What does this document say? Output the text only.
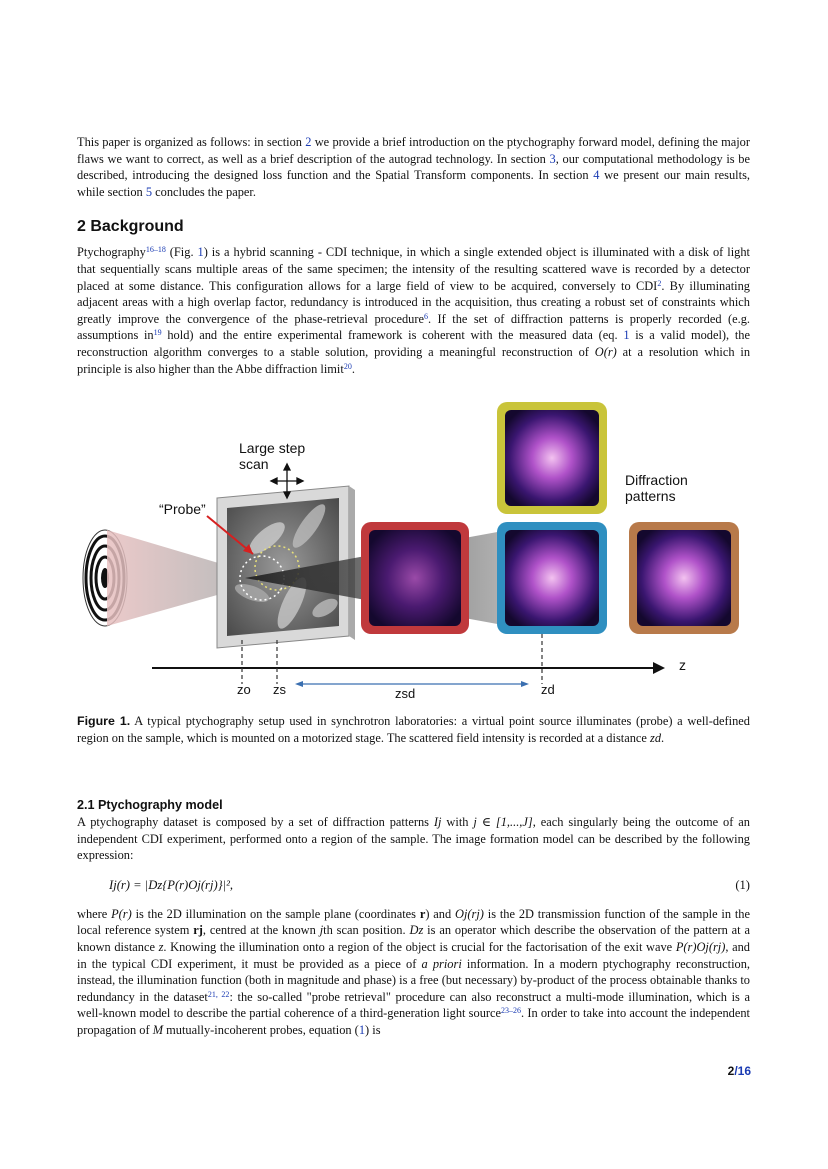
This paper is organized as follows: in section 2 we provide a brief introduction on the ptychography forward model, defining the major flaws we want to correct, as well as a brief description of the autograd technology. In section 3, our computational methodology is be described, introducing the designed loss function and the Spatial Transform components. In section 4 we present our main results, while section 5 concludes the paper.

2 Background

Ptychography$^{16-18}$ (Fig. 1) is a hybrid scanning - CDI technique, in which a single extended object is illuminated with a disk of light that sequentially scans multiple areas of the same specimen; the intensity of the resulting scattered wave is recorded by a detector placed at some distance. This configuration allows for a large field of view to be acquired, conversely to CDI$^2$. By illuminating adjacent areas with a high overlap factor, redundancy is introduced in the acquisition, thus creating a robust set of constraints which greatly improve the convergence of the phase-retrieval procedure$^6$. If the set of diffraction patterns is properly recorded (e.g. assumptions $in^{19}$ hold) and the entire experimental framework is coherent with the measured data (eq. 1 is a valid model), the reconstruction algorithm converges to a stable solution, providing a meaningful reconstruction of O(r) at a resolution which in principle is also higher than the Abbe diffraction limit$^{20}$.

Large step
scan
“Probe”
Diffraction
patterns
z
zo zs	zsd	zd

Figure 1. A typical ptychography setup used in synchrotron laboratories: a virtual point source illuminates (probe) a well-defined region on the sample, which is mounted on a motorized stage. The scattered field intensity is recorded at a distance zd.

2.1 Ptychography model

A ptychography dataset is composed by a set of diffraction patterns Ij with j ∈ [1,...,J], each singularly being the outcome of an independent CDI experiment, performed onto a region of the sample. The image formation model can be described by the following expression:

Ij(r) = |Dz{P(r)Oj(rj)}|²,	(1)

where P(r) is the 2D illumination on the sample plane (coordinates r) and Oj(rj) is the 2D transmission function of the sample in the local reference system rj, centred at the known jth scan position. Dz is an operator which describe the observation of the pattern at a known distance z. Knowing the illumination onto a region of the object is crucial for the factorisation of the exit wave P(r)Oj(rj), and in the typical CDI experiment, it must be provided as a piece of a priori information. In a modern ptychography reconstruction, instead, the illumination function (both in magnitude and phase) is a free (but necessary) by-product of the process obtainable thanks to redundancy in the dataset$^{21, 22}$: the so-called "probe retrieval" procedure can also reconstruct a multi-mode illumination, which is a well-known model to describe the partial coherence of a third-generation light source$^{23-26}$. In order to take into account the independent propagation of M mutually-incoherent probes, equation (1) is

2/16
